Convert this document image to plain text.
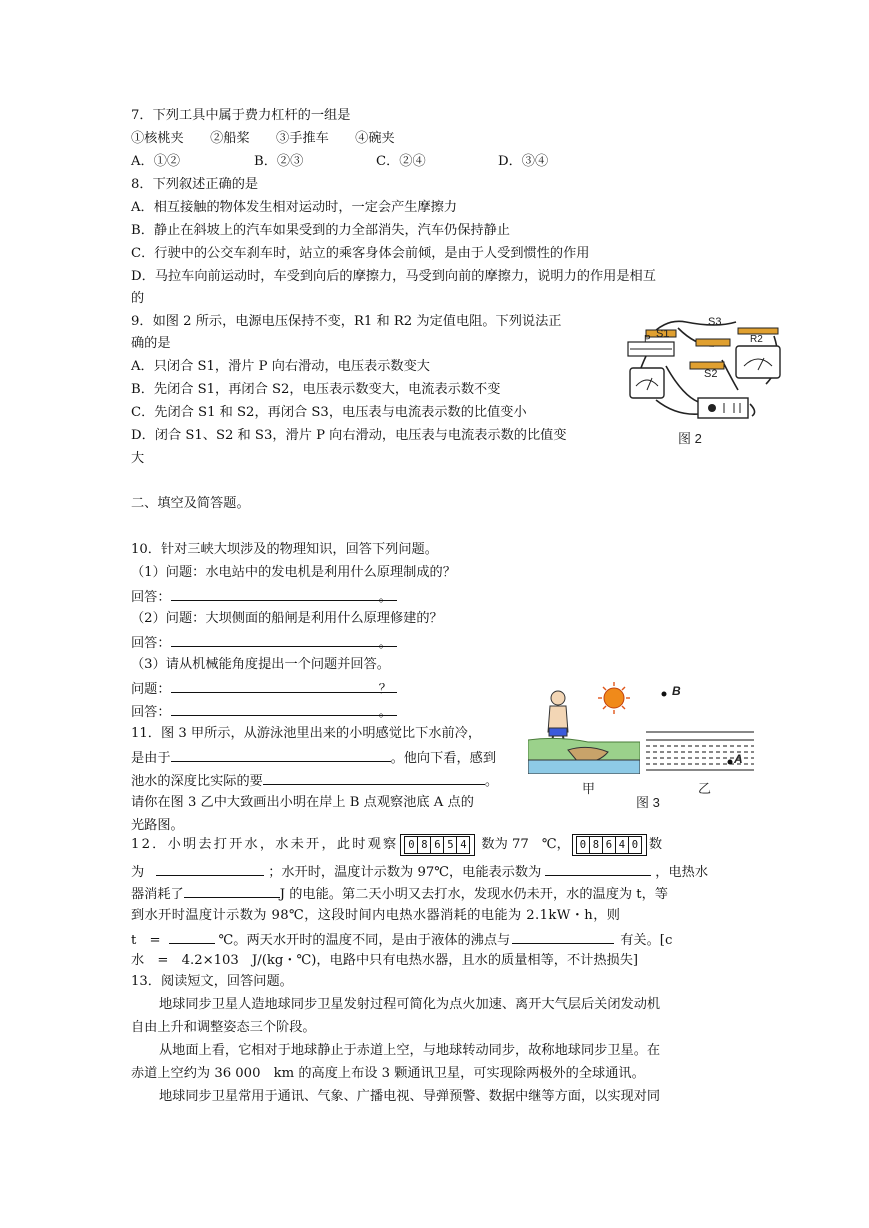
7．下列工具中属于费力杠杆的一组是
①核桃夹　　②船桨　　③手推车　　④碗夹
A．①②	B．②③	C．②④	D．③④
8．下列叙述正确的是
A．相互接触的物体发生相对运动时，一定会产生摩擦力
B．静止在斜坡上的汽车如果受到的力全部消失，汽车仍保持静止
C．行驶中的公交车刹车时，站立的乘客身体会前倾，是由于人受到惯性的作用
D．马拉车向前运动时，车受到向后的摩擦力，马受到向前的摩擦力，说明力的作用是相互
的
9．如图 2 所示，电源电压保持不变，R1 和 R2 为定值电阻。下列说法正
确的是
A．只闭合 S1，滑片 P 向右滑动，电压表示数变大
B．先闭合 S1，再闭合 S2，电压表示数变大，电流表示数不变
C．先闭合 S1 和 S2，再闭合 S3，电压表与电流表示数的比值变小
D．闭合 S1、S2 和 S3，滑片 P 向右滑动，电压表与电流表示数的比值变
大
S1
S3
S2
P	R2
图 2
二、填空及简答题。
10．针对三峡大坝涉及的物理知识，回答下列问题。
（1）问题：水电站中的发电机是利用什么原理制成的？
回答：	。
（2）问题：大坝侧面的船闸是利用什么原理修建的？
回答：	。
（3）请从机械能角度提出一个问题并回答。
问题：	？
回答：	。
11．图 3 甲所示，从游泳池里出来的小明感觉比下水前冷，
是由于	。他向下看，感到
池水的深度比实际的要	。
请你在图 3 乙中大致画出小明在岸上 B 点观察池底 A 点的
光路图。
B
A
甲
图 3
乙
12．小明去打开水，水未开，此时观察 0 8 6 5 4 数为 77　℃， 0 8 6 4 0 数
为	；水开时，温度计示数为 97℃，电能表示数为	，电热水
器消耗了	J 的电能。第二天小明又去打水，发现水仍未开，水的温度为 t，等
到水开时温度计示数为 98℃，这段时间内电热水器消耗的电能为 2.1kW・h，则
t　=	℃。两天水开时的温度不同，是由于液体的沸点与	有关。[c
水　=　4.2×103　J/(kg・℃)，电路中只有电热水器，且水的质量相等，不计热损失]
13．阅读短文，回答问题。
地球同步卫星人造地球同步卫星发射过程可简化为点火加速、离开大气层后关闭发动机
自由上升和调整姿态三个阶段。
从地面上看，它相对于地球静止于赤道上空，与地球转动同步，故称地球同步卫星。在
赤道上空约为 36 000　km 的高度上布设 3 颗通讯卫星，可实现除两极外的全球通讯。
地球同步卫星常用于通讯、气象、广播电视、导弹预警、数据中继等方面，以实现对同
